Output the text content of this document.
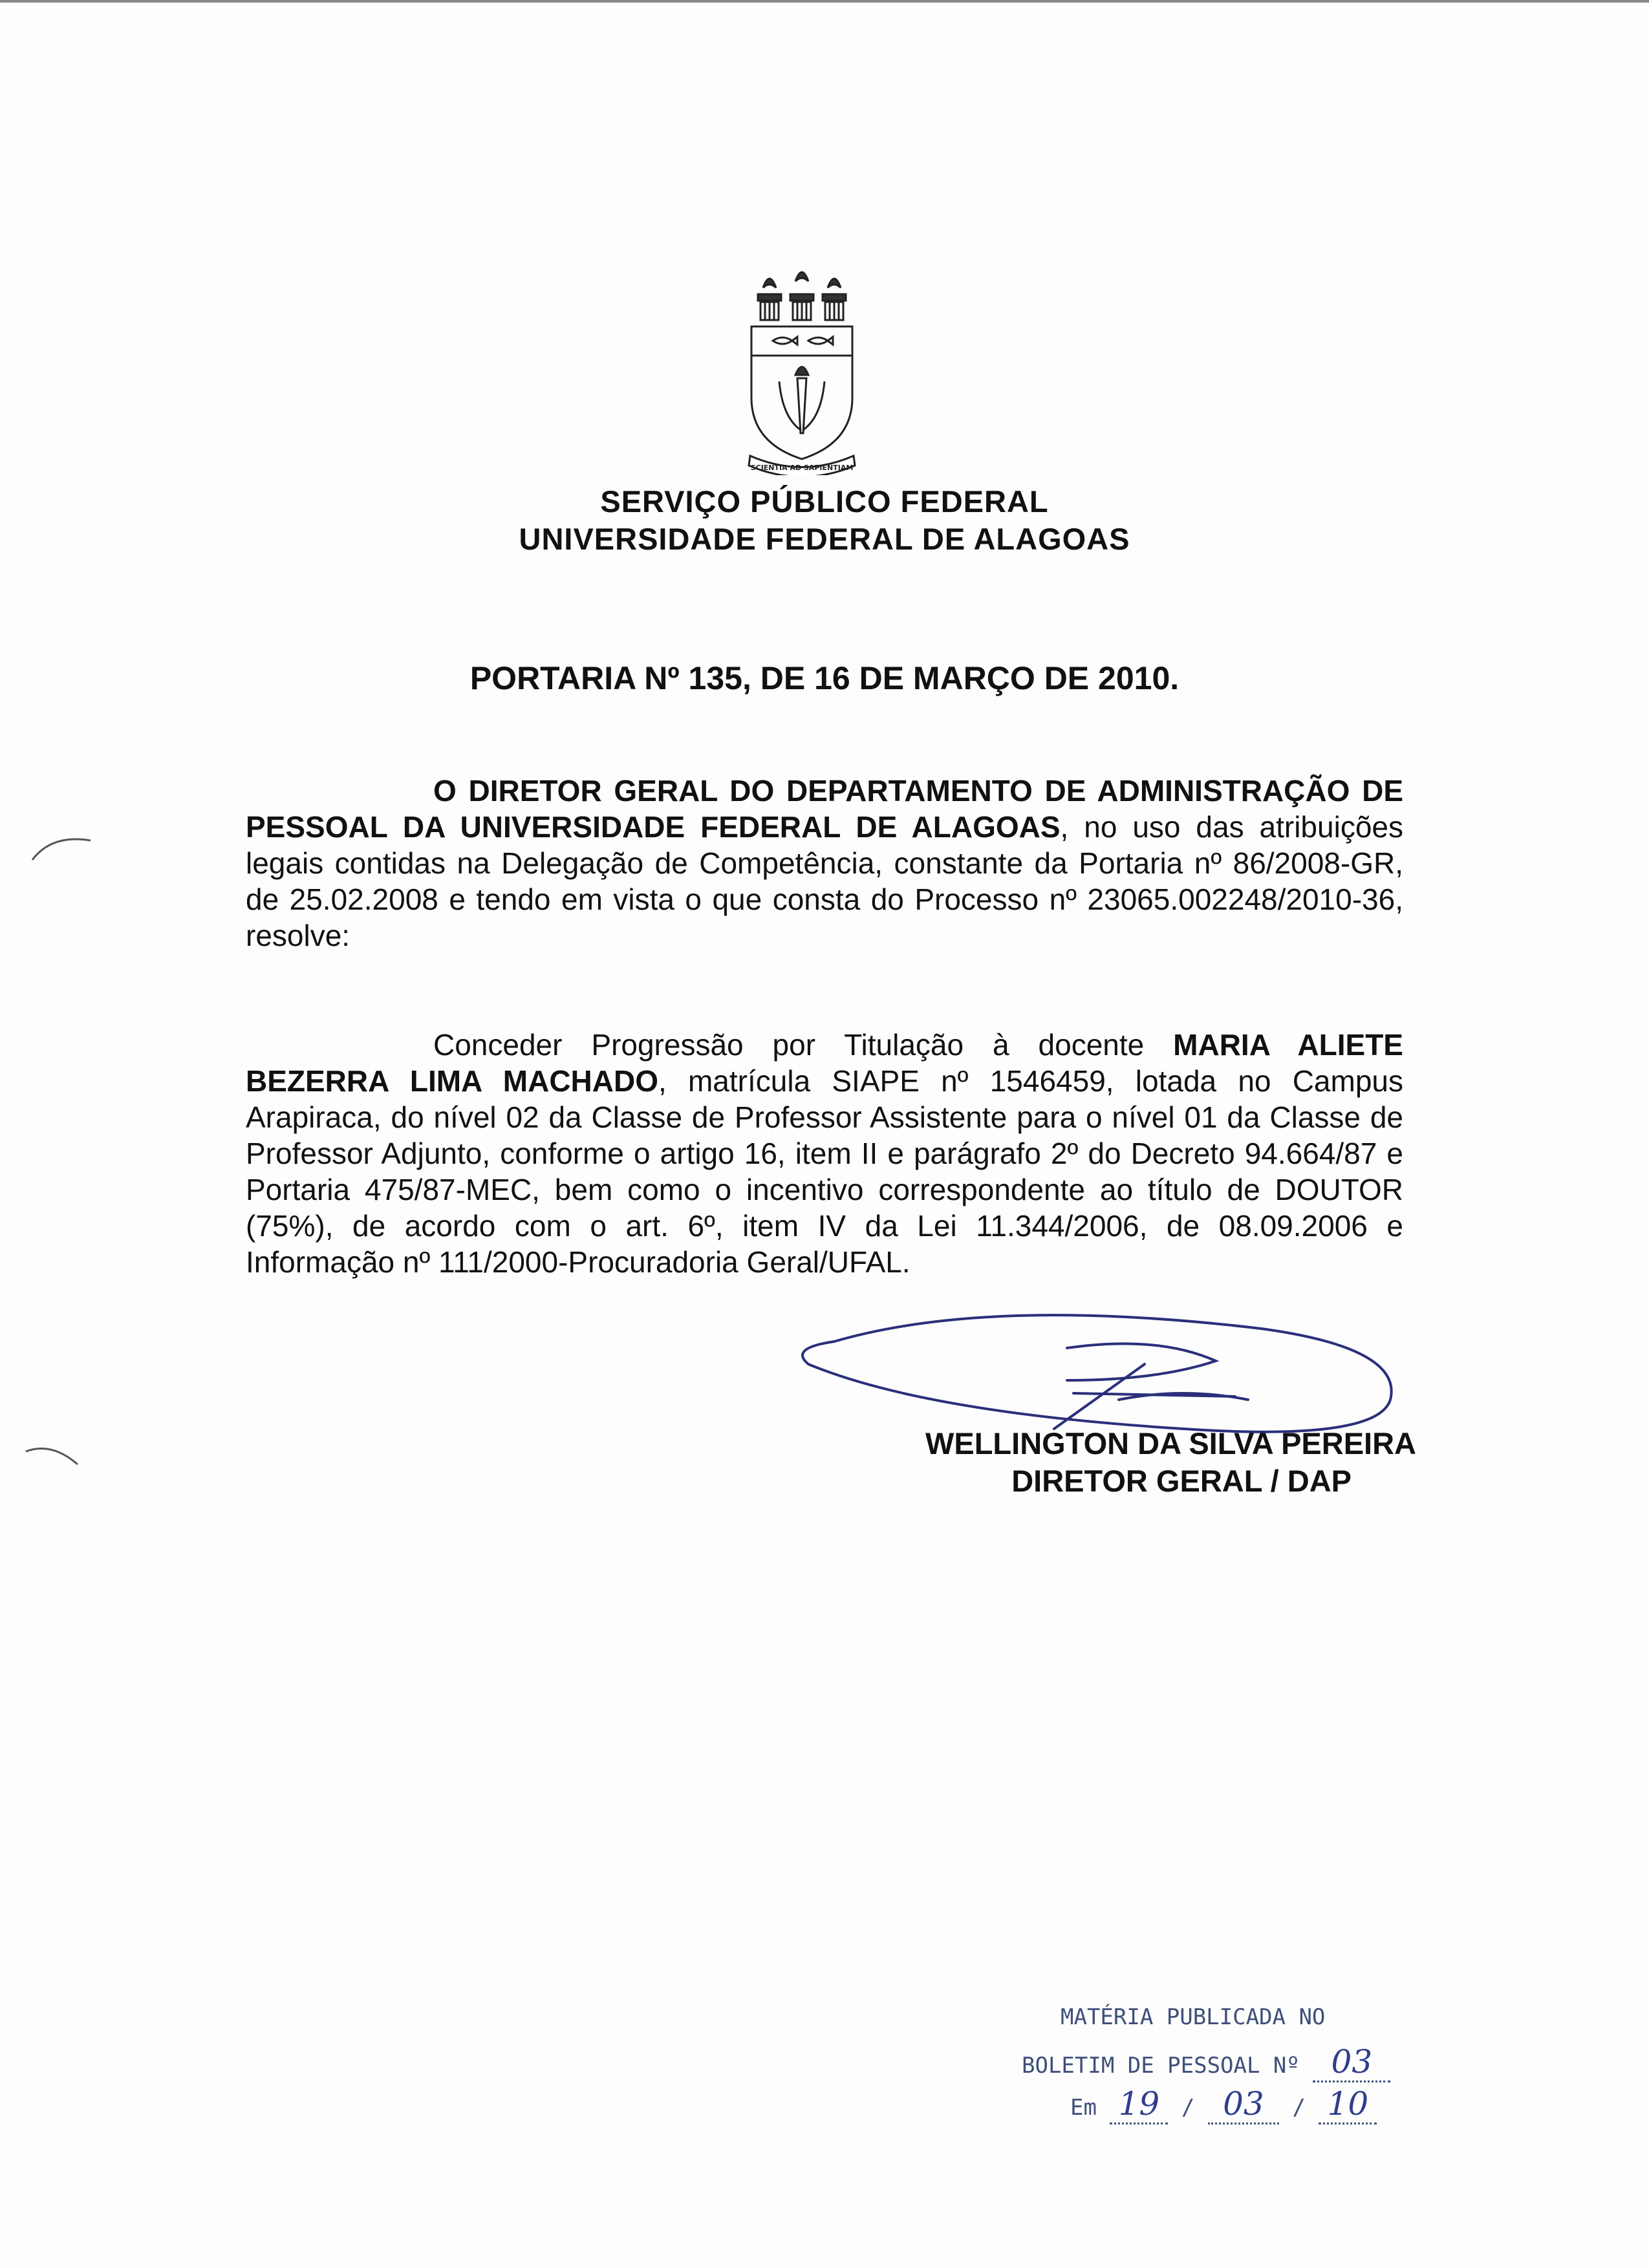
SCIENTIA AD SAPIENTIAM
SERVIÇO PÚBLICO FEDERAL
UNIVERSIDADE FEDERAL DE ALAGOAS
PORTARIA Nº 135, DE 16 DE MARÇO DE 2010.

O DIRETOR GERAL DO DEPARTAMENTO DE ADMINISTRAÇÃO DE PESSOAL DA UNIVERSIDADE FEDERAL DE ALAGOAS, no uso das atribuições legais contidas na Delegação de Competência, constante da Portaria nº 86/2008-GR, de 25.02.2008 e tendo em vista o que consta do Processo nº 23065.002248/2010-36, resolve:

Conceder Progressão por Titulação à docente MARIA ALIETE BEZERRA LIMA MACHADO, matrícula SIAPE nº 1546459, lotada no Campus Arapiraca, do nível 02 da Classe de Professor Assistente para o nível 01 da Classe de Professor Adjunto, conforme o artigo 16, item II e parágrafo 2º do Decreto 94.664/87 e Portaria 475/87-MEC, bem como o incentivo correspondente ao título de DOUTOR (75%), de acordo com o art. 6º, item IV da Lei 11.344/2006, de 08.09.2006 e Informação nº 111/2000-Procuradoria Geral/UFAL.

WELLINGTON DA SILVA PEREIRA
DIRETOR GERAL / DAP
MATÉRIA PUBLICADA NO
BOLETIM DE PESSOAL Nº 03
Em 19 / 03 / 10
